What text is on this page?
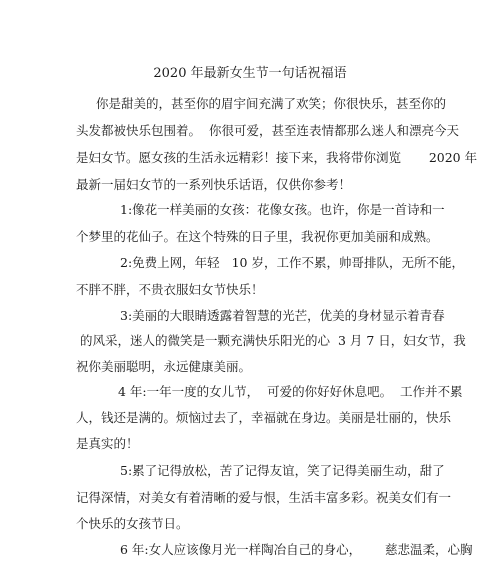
2020 年最新女生节一句话祝福语
你是甜美的，甚至你的眉宇间充满了欢笑；你很快乐，甚至你的
头发都被快乐包围着。  你很可爱，甚至连表情都那么迷人和漂亮今天
是妇女节。愿女孩的生活永远精彩！接下来，我将带你浏览       2020 年
最新一届妇女节的一系列快乐话语，仅供你参考！
1:像花一样美丽的女孩：花像女孩。也许，你是一首诗和一
个梦里的花仙子。在这个特殊的日子里，我祝你更加美丽和成熟。
2:免费上网，年轻   10 岁，工作不累，帅哥排队，无所不能，
不胖不胖，不贵衣服妇女节快乐！
3:美丽的大眼睛透露着智慧的光芒，优美的身材显示着青春
的风采，迷人的微笑是一颗充满快乐阳光的心  3 月 7 日，妇女节，我
祝你美丽聪明，永远健康美丽。
4 年:一年一度的女儿节，  可爱的你好好休息吧。  工作并不累
人，钱还是满的。烦恼过去了，幸福就在身边。美丽是壮丽的，快乐
是真实的！
5:累了记得放松，苦了记得友谊，笑了记得美丽生动，甜了
记得深情，对美女有着清晰的爱与恨，生活丰富多彩。祝美女们有一
个快乐的女孩节日。
6 年:女人应该像月光一样陶冶自己的身心，      慈悲温柔，心胸
